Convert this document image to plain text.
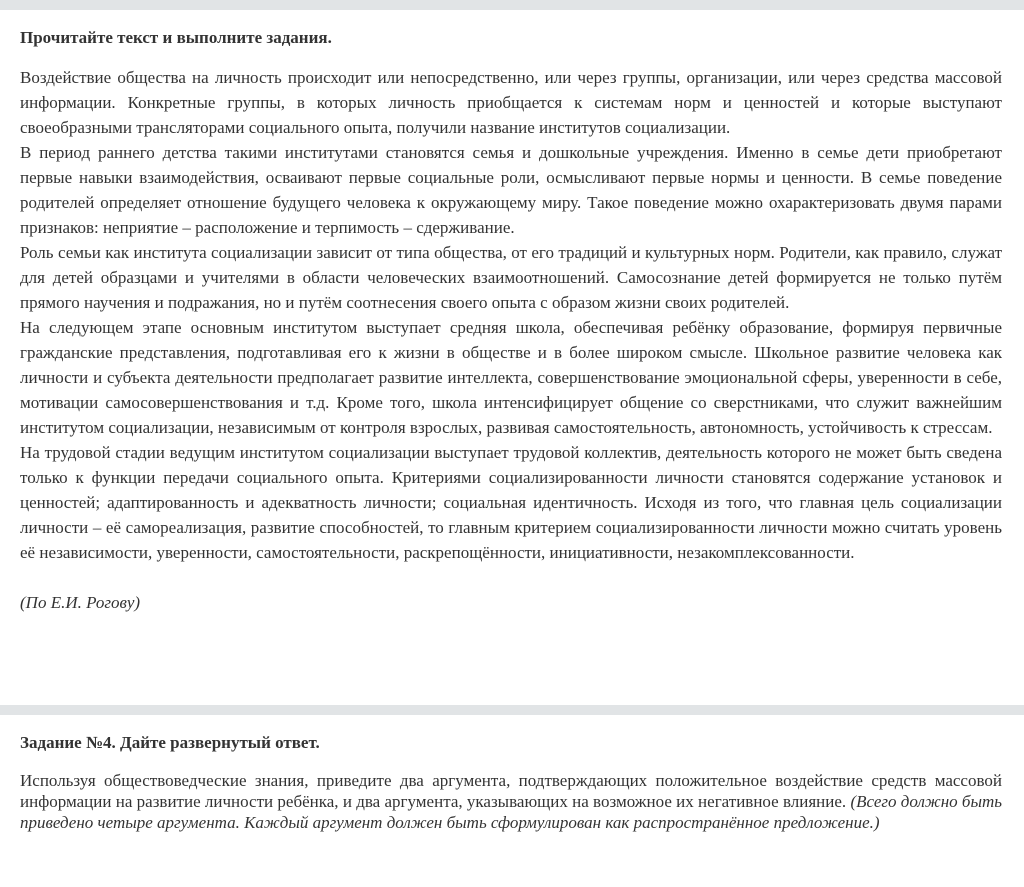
Прочитайте текст и выполните задания.

Воздействие общества на личность происходит или непосредственно, или через группы, организации, или через средства массовой информации. Конкретные группы, в которых личность приобщается к системам норм и ценностей и которые выступают своеобразными трансляторами социального опыта, получили название институтов социализации.

В период раннего детства такими институтами становятся семья и дошкольные учреждения. Именно в семье дети приобретают первые навыки взаимодействия, осваивают первые социальные роли, осмысливают первые нормы и ценности. В семье поведение родителей определяет отношение будущего человека к окружающему миру. Такое поведение можно охарактеризовать двумя парами признаков: неприятие – расположение и терпимость – сдерживание.

Роль семьи как института социализации зависит от типа общества, от его традиций и культурных норм. Родители, как правило, служат для детей образцами и учителями в области человеческих взаимоотношений. Самосознание детей формируется не только путём прямого научения и подражания, но и путём соотнесения своего опыта с образом жизни своих родителей.

На следующем этапе основным институтом выступает средняя школа, обеспечивая ребёнку образование, формируя первичные гражданские представления, подготавливая его к жизни в обществе и в более широком смысле. Школьное развитие человека как личности и субъекта деятельности предполагает развитие интеллекта, совершенствование эмоциональной сферы, уверенности в себе, мотивации самосовершенствования и т.д. Кроме того, школа интенсифицирует общение со сверстниками, что служит важнейшим институтом социализации, независимым от контроля взрослых, развивая самостоятельность, автономность, устойчивость к стрессам.

На трудовой стадии ведущим институтом социализации выступает трудовой коллектив, деятельность которого не может быть сведена только к функции передачи социального опыта. Критериями социализированности личности становятся содержание установок и ценностей; адаптированность и адекватность личности; социальная идентичность. Исходя из того, что главная цель социализации личности – её самореализация, развитие способностей, то главным критерием социализированности личности можно считать уровень её независимости, уверенности, самостоятельности, раскрепощённости, инициативности, незакомплексованности.

(По Е.И. Рогову)
Задание №4. Дайте развернутый ответ.

Используя обществоведческие знания, приведите два аргумента, подтверждающих положительное воздействие средств массовой информации на развитие личности ребёнка, и два аргумента, указывающих на возможное их негативное влияние. (Всего должно быть приведено четыре аргумента. Каждый аргумент должен быть сформулирован как распространённое предложение.)
